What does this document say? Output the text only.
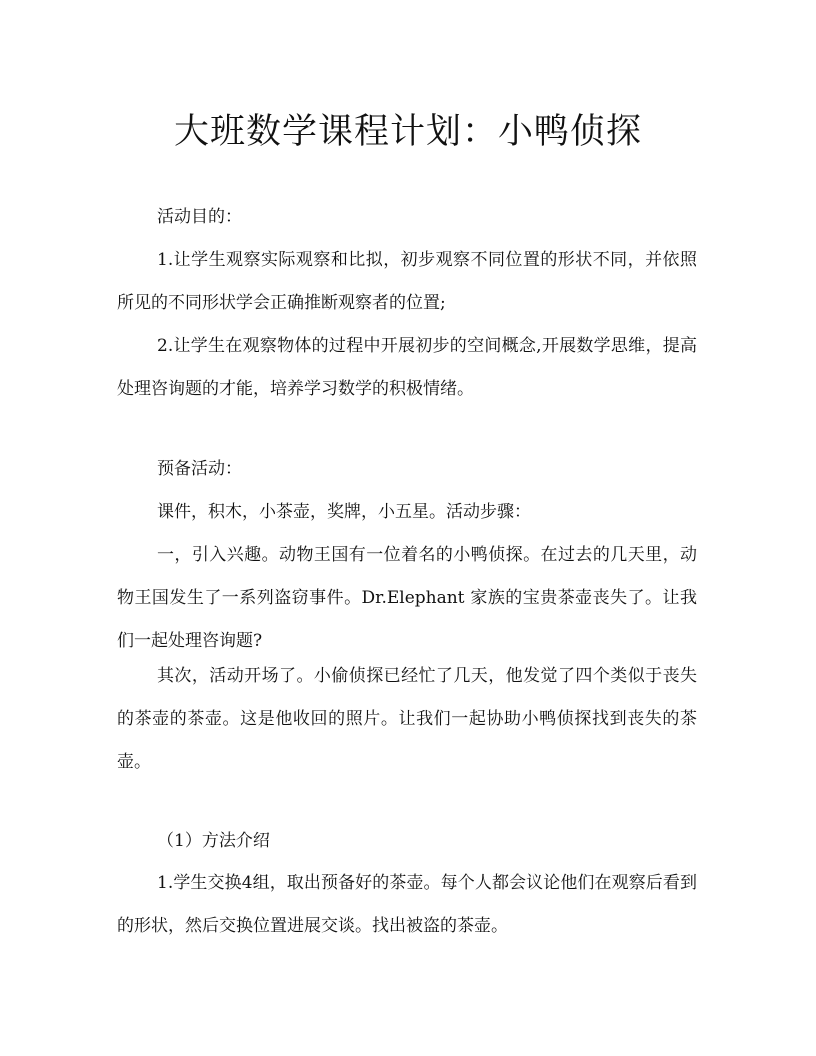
大班数学课程计划：小鸭侦探

活动目的：

1.让学生观察实际观察和比拟，初步观察不同位置的形状不同，并依照所见的不同形状学会正确推断观察者的位置;

2.让学生在观察物体的过程中开展初步的空间概念,开展数学思维，提高处理咨询题的才能，培养学习数学的积极情绪。

预备活动：

课件，积木，小茶壶，奖牌，小五星。活动步骤：

一，引入兴趣。动物王国有一位着名的小鸭侦探。在过去的几天里，动物王国发生了一系列盗窃事件。Dr.Elephant 家族的宝贵茶壶丧失了。让我们一起处理咨询题?

其次，活动开场了。小偷侦探已经忙了几天，他发觉了四个类似于丧失的茶壶的茶壶。这是他收回的照片。让我们一起协助小鸭侦探找到丧失的茶壶。

（1）方法介绍

1.学生交换4组，取出预备好的茶壶。每个人都会议论他们在观察后看到的形状，然后交换位置进展交谈。找出被盗的茶壶。
